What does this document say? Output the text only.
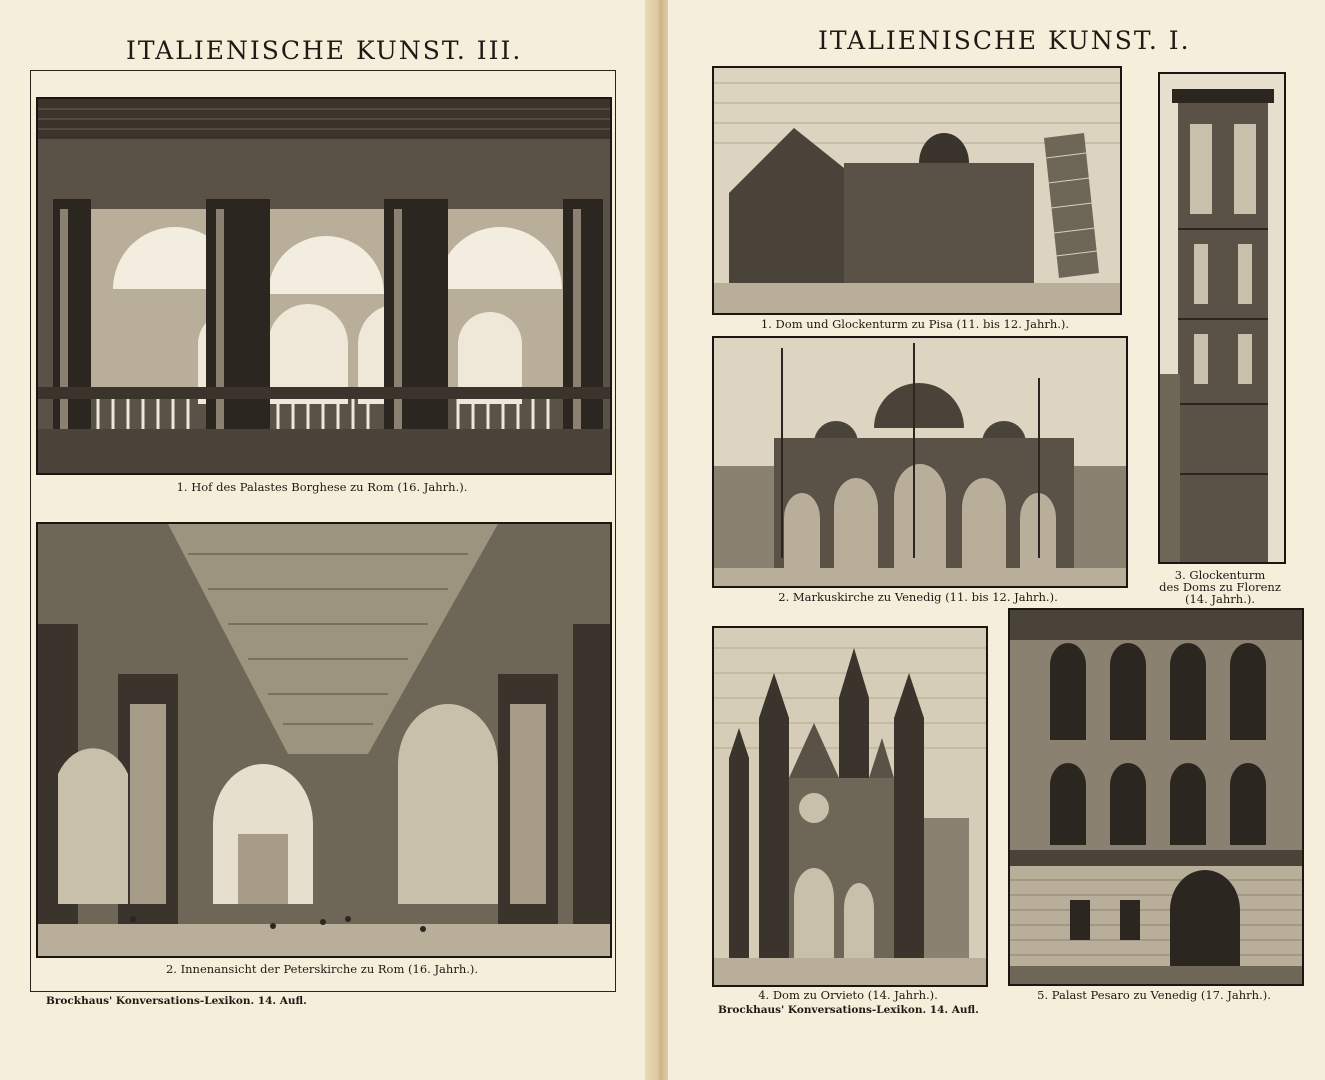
ITALIENISCHE KUNST. III.
1. Hof des Palastes Borghese zu Rom (16. Jahrh.).
2. Innenansicht der Peterskirche zu Rom (16. Jahrh.).
Brockhaus' Konversations-Lexikon. 14. Aufl.
ITALIENISCHE KUNST. I.
1. Dom und Glockenturm zu Pisa (11. bis 12. Jahrh.).
3. Glockenturm
des Doms zu Florenz
(14. Jahrh.).
2. Markuskirche zu Venedig (11. bis 12. Jahrh.).
4. Dom zu Orvieto (14. Jahrh.).	5. Palast Pesaro zu Venedig (17. Jahrh.).
Brockhaus' Konversations-Lexikon. 14. Aufl.
